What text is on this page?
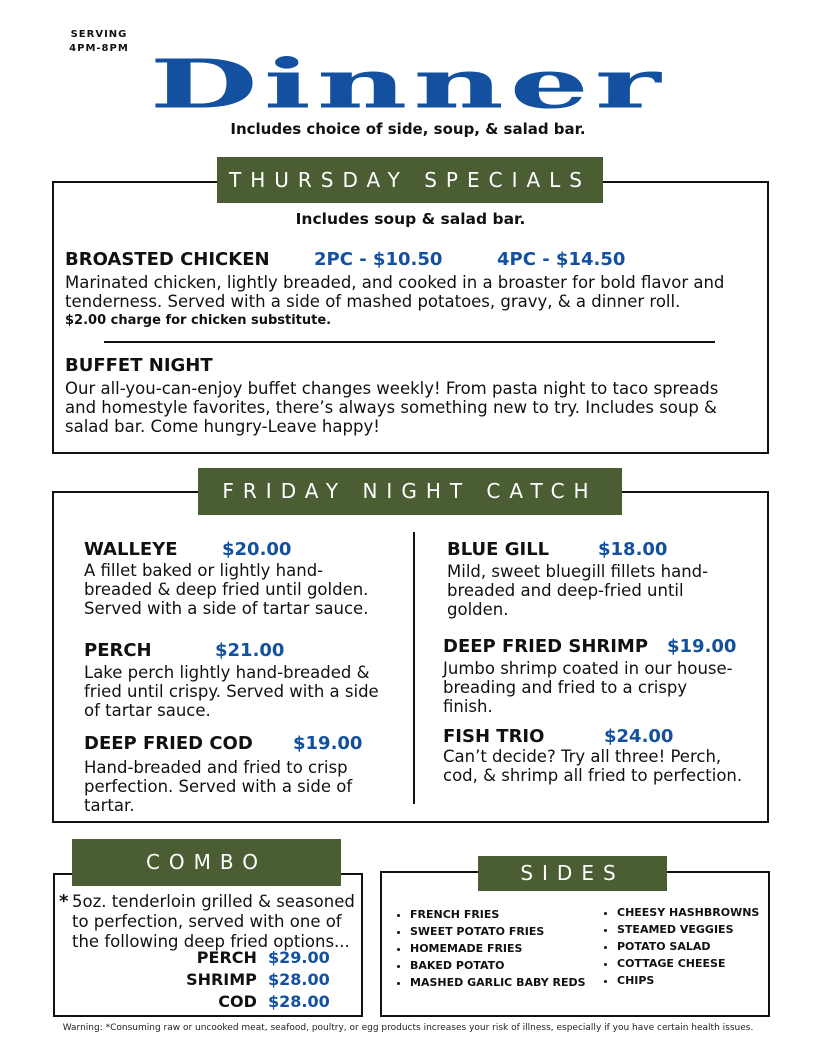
SERVING
4PM-8PM Dinner
Includes choice of side, soup, & salad bar.
THURSDAY SPECIALS
Includes soup & salad bar.
BROASTED CHICKEN 2PC - $10.50	4PC - $14.50
Marinated chicken, lightly breaded, and cooked in a broaster for bold flavor and tenderness. Served with a side of mashed potatoes, gravy, & a dinner roll.
$2.00 charge for chicken substitute.
BUFFET NIGHT
Our all-you-can-enjoy buffet changes weekly! From pasta night to taco spreads and homestyle favorites, there’s always something new to try. Includes soup & salad bar. Come hungry-Leave happy!
FRIDAY NIGHT CATCH
WALLEYE $20.00
A fillet baked or lightly hand-breaded & deep fried until golden. Served with a side of tartar sauce.
PERCH	$21.00
Lake perch lightly hand-breaded & fried until crispy. Served with a side of tartar sauce.
DEEP FRIED COD $19.00
Hand-breaded and fried to crisp perfection. Served with a side of tartar.
BLUE GILL	$18.00
Mild, sweet bluegill fillets hand-breaded and deep-fried until golden.
DEEP FRIED SHRIMP $19.00
Jumbo shrimp coated in our house-breading and fried to a crispy finish.
FISH TRIO	$24.00
Can’t decide? Try all three! Perch, cod, & shrimp all fried to perfection.
COMBO
* 5oz. tenderloin grilled & seasoned to perfection, served with one of the following deep fried options...
PERCH $29.00
SHRIMP $28.00
COD $28.00
SIDES
• FRENCH FRIES
• SWEET POTATO FRIES
• HOMEMADE FRIES
• BAKED POTATO
• MASHED GARLIC BABY REDS
• CHEESY HASHBROWNS
• STEAMED VEGGIES
• POTATO SALAD
• COTTAGE CHEESE
• CHIPS
Warning: *Consuming raw or uncooked meat, seafood, poultry, or egg products increases your risk of illness, especially if you have certain health issues.
